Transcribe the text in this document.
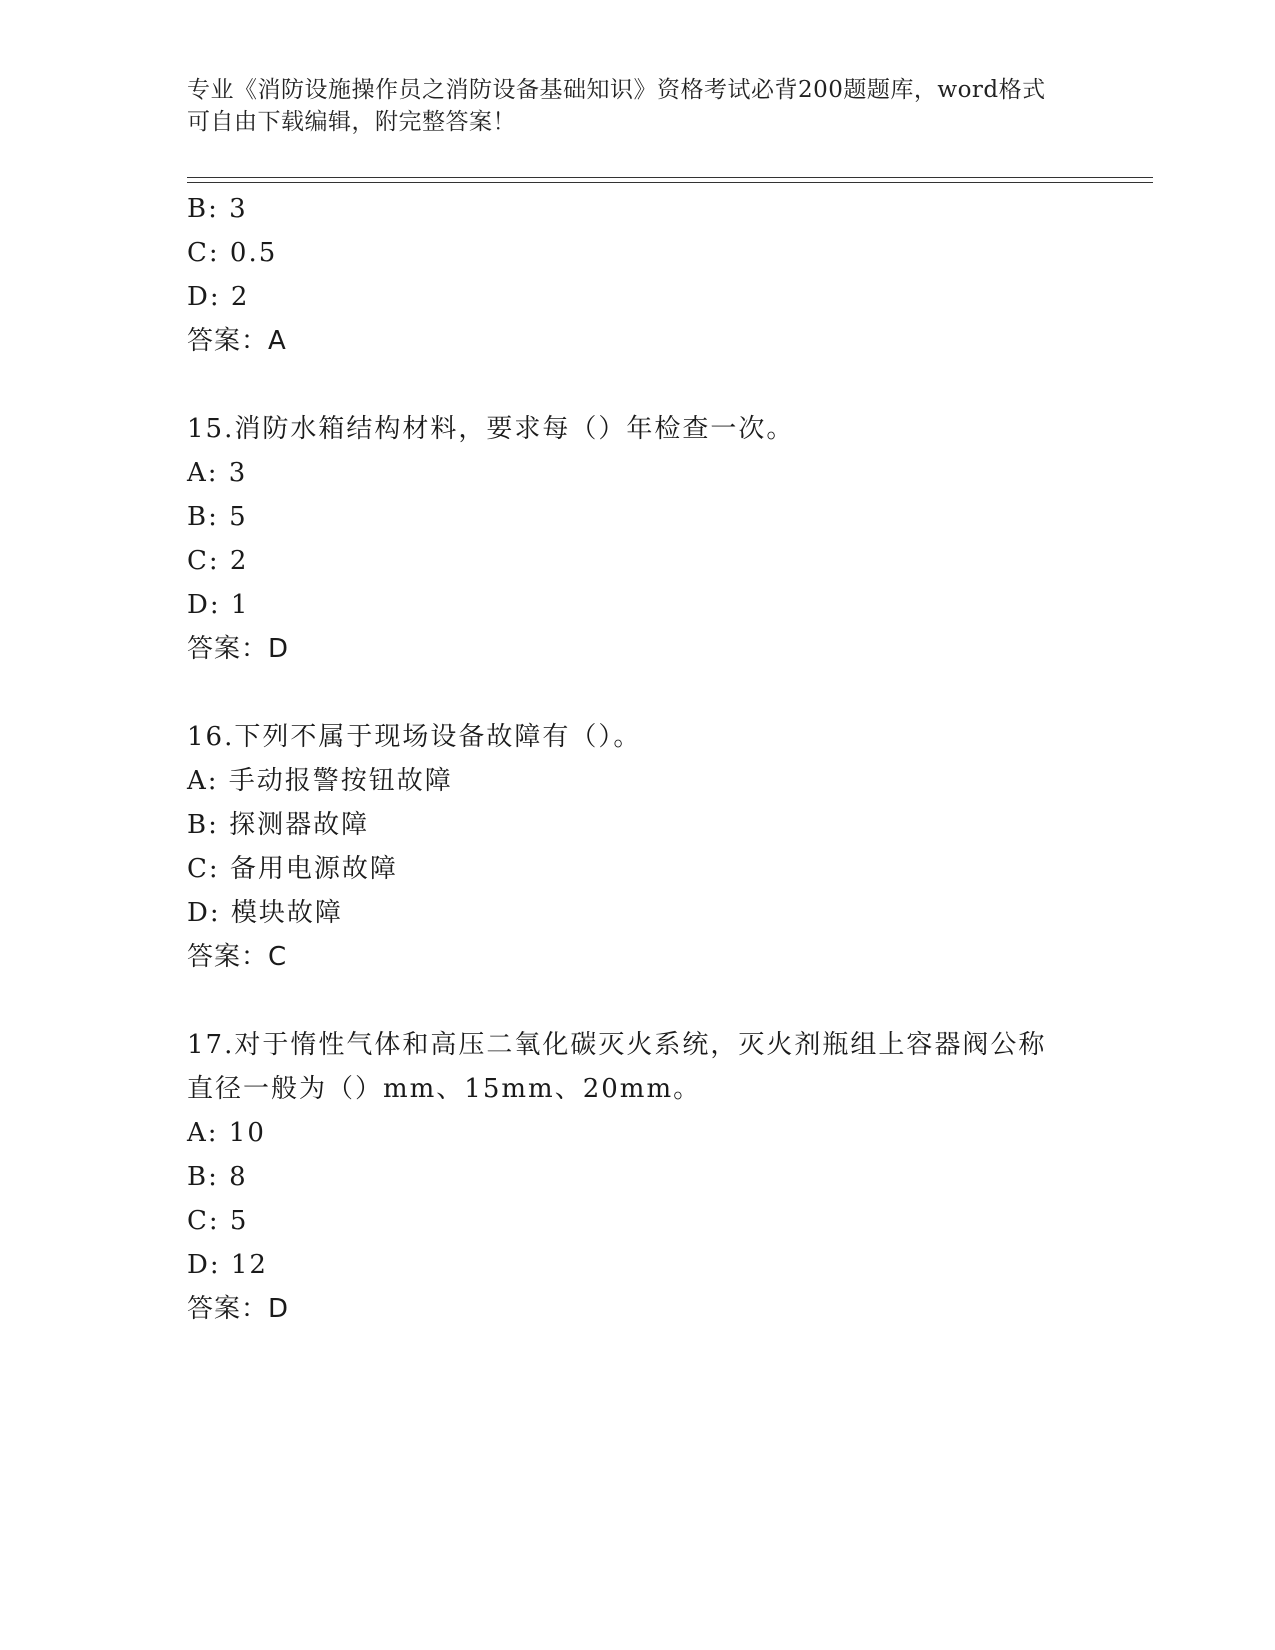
专业《消防设施操作员之消防设备基础知识》资格考试必背200题题库，word格式可自由下载编辑，附完整答案！
B: 3
C: 0.5
D: 2
答案：A
15.消防水箱结构材料，要求每（）年检查一次。
A: 3
B: 5
C: 2
D: 1
答案：D
16.下列不属于现场设备故障有（）。
A: 手动报警按钮故障
B: 探测器故障
C: 备用电源故障
D: 模块故障
答案：C
17.对于惰性气体和高压二氧化碳灭火系统，灭火剂瓶组上容器阀公称
直径一般为（）mm、15mm、20mm。
A: 10
B: 8
C: 5
D: 12
答案：D
